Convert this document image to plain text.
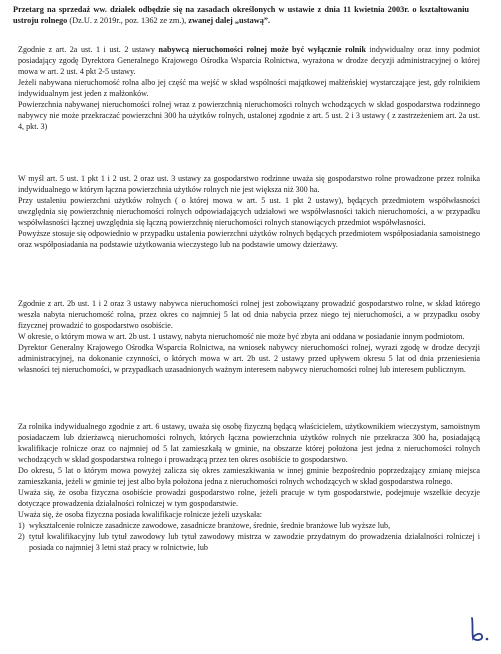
Przetarg na sprzedaż ww. działek odbędzie się na zasadach określonych w ustawie z dnia 11 kwietnia 2003r. o kształtowaniu ustroju rolnego (Dz.U. z 2019r., poz. 1362 ze zm.), zwanej dalej „ustawą”.

Zgodnie z art. 2a ust. 1 i ust. 2 ustawy nabywcą nieruchomości rolnej może być wyłącznie rolnik indywidualny oraz inny podmiot posiadający zgodę Dyrektora Generalnego Krajowego Ośrodka Wsparcia Rolnictwa, wyrażona w drodze decyzji administracyjnej o której mowa w art. 2 ust. 4 pkt 2-5 ustawy.

Jeżeli nabywana nieruchomość rolna albo jej część ma wejść w skład wspólności majątkowej małżeńskiej wystarczające jest, gdy rolnikiem indywidualnym jest jeden z małżonków.

Powierzchnia nabywanej nieruchomości rolnej wraz z powierzchnią nieruchomości rolnych wchodzących w skład gospodarstwa rodzinnego nabywcy nie może przekraczać powierzchni 300 ha użytków rolnych, ustalonej zgodnie z art. 5 ust. 2 i 3 ustawy ( z zastrzeżeniem art. 2a ust. 4, pkt. 3)

W myśl art. 5 ust. 1 pkt 1 i 2 ust. 2 oraz ust. 3 ustawy za gospodarstwo rodzinne uważa się gospodarstwo rolne prowadzone przez rolnika indywidualnego w którym łączna powierzchnia użytków rolnych nie jest większa niż 300 ha.

Przy ustaleniu powierzchni użytków rolnych ( o której mowa w art. 5 ust. 1 pkt 2 ustawy), będących przedmiotem współwłasności uwzględnia się powierzchnię nieruchomości rolnych odpowiadających udziałowi we współwłasności takich nieruchomości, a w przypadku współwłasności łącznej uwzględnia się łączną powierzchnię nieruchomości rolnych stanowiących przedmiot współwłasności.

Powyższe stosuje się odpowiednio w przypadku ustalenia powierzchni użytków rolnych będących przedmiotem współposiadania samoistnego oraz współposiadania na podstawie użytkowania wieczystego lub na podstawie umowy dzierżawy.

Zgodnie z art. 2b ust. 1 i 2 oraz 3 ustawy nabywca nieruchomości rolnej jest zobowiązany prowadzić gospodarstwo rolne, w skład którego weszła nabyta nieruchomość rolna, przez okres co najmniej 5 lat od dnia nabycia przez niego tej nieruchomości, a w przypadku osoby fizycznej prowadzić to gospodarstwo osobiście.

W okresie, o którym mowa w art. 2b ust. 1 ustawy, nabyta nieruchomość nie może być zbyta ani oddana w posiadanie innym podmiotom.

Dyrektor Generalny Krajowego Ośrodka Wsparcia Rolnictwa, na wniosek nabywcy nieruchomości rolnej, wyrazi zgodę w drodze decyzji administracyjnej, na dokonanie czynności, o których mowa w art. 2b ust. 2 ustawy przed upływem okresu 5 lat od dnia przeniesienia własności tej nieruchomości, w przypadkach uzasadnionych ważnym interesem nabywcy nieruchomości rolnej lub interesem publicznym.

Za rolnika indywidualnego zgodnie z art. 6 ustawy, uważa się osobę fizyczną będącą właścicielem, użytkownikiem wieczystym, samoistnym posiadaczem lub dzierżawcą nieruchomości rolnych, których łączna powierzchnia użytków rolnych nie przekracza 300 ha, posiadającą kwalifikacje rolnicze oraz co najmniej od 5 lat zamieszkałą w gminie, na obszarze której położona jest jedna z nieruchomości rolnych wchodzących w skład gospodarstwa rolnego i prowadzącą przez ten okres osobiście to gospodarstwo.

Do okresu, 5 lat o którym mowa powyżej zalicza się okres zamieszkiwania w innej gminie bezpośrednio poprzedzający zmianę miejsca zamieszkania, jeżeli w gminie tej jest albo była położona jedna z nieruchomości rolnych wchodzących w skład gospodarstwa rolnego.

Uważa się, że osoba fizyczna osobiście prowadzi gospodarstwo rolne, jeżeli pracuje w tym gospodarstwie, podejmuje wszelkie decyzje dotyczące prowadzenia działalności rolniczej w tym gospodarstwie.

Uważa się, że osoba fizyczna posiada kwalifikacje rolnicze jeżeli uzyskała:

1) wykształcenie rolnicze zasadnicze zawodowe, zasadnicze branżowe, średnie, średnie branżowe lub wyższe lub,
2) tytuł kwalifikacyjny lub tytuł zawodowy lub tytuł zawodowy mistrza w zawodzie przydatnym do prowadzenia działalności rolniczej i posiada co najmniej 3 letni staż pracy w rolnictwie, lub
